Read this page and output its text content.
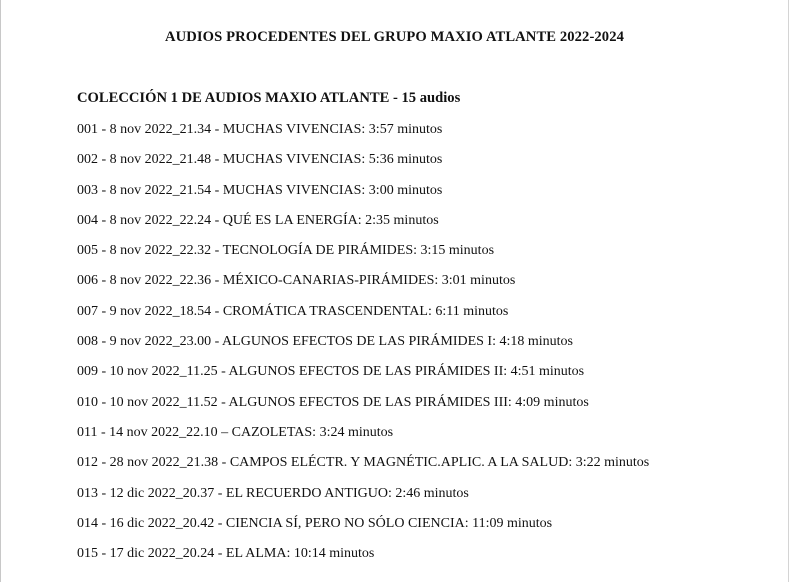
AUDIOS PROCEDENTES DEL GRUPO MAXIO ATLANTE 2022-2024
COLECCIÓN 1 DE AUDIOS MAXIO ATLANTE - 15 audios
001 - 8 nov 2022_21.34 - MUCHAS VIVENCIAS: 3:57 minutos
002 - 8 nov 2022_21.48 - MUCHAS VIVENCIAS: 5:36 minutos
003 - 8 nov 2022_21.54 - MUCHAS VIVENCIAS: 3:00 minutos
004 - 8 nov 2022_22.24 - QUÉ ES LA ENERGÍA: 2:35 minutos
005 - 8 nov 2022_22.32 - TECNOLOGÍA DE PIRÁMIDES: 3:15 minutos
006 - 8 nov 2022_22.36 - MÉXICO-CANARIAS-PIRÁMIDES: 3:01 minutos
007 - 9 nov 2022_18.54 - CROMÁTICA TRASCENDENTAL: 6:11 minutos
008 - 9 nov 2022_23.00 - ALGUNOS EFECTOS DE LAS PIRÁMIDES I: 4:18 minutos
009 - 10 nov 2022_11.25 - ALGUNOS EFECTOS DE LAS PIRÁMIDES II: 4:51 minutos
010 - 10 nov 2022_11.52 - ALGUNOS EFECTOS DE LAS PIRÁMIDES III: 4:09 minutos
011 - 14 nov 2022_22.10 – CAZOLETAS: 3:24 minutos
012 - 28 nov 2022_21.38 - CAMPOS ELÉCTR. Y MAGNÉTIC.APLIC. A LA SALUD: 3:22 minutos
013 - 12 dic 2022_20.37 - EL RECUERDO ANTIGUO: 2:46 minutos
014 - 16 dic 2022_20.42 - CIENCIA SÍ, PERO NO SÓLO CIENCIA: 11:09 minutos
015 - 17 dic 2022_20.24 - EL ALMA: 10:14 minutos
